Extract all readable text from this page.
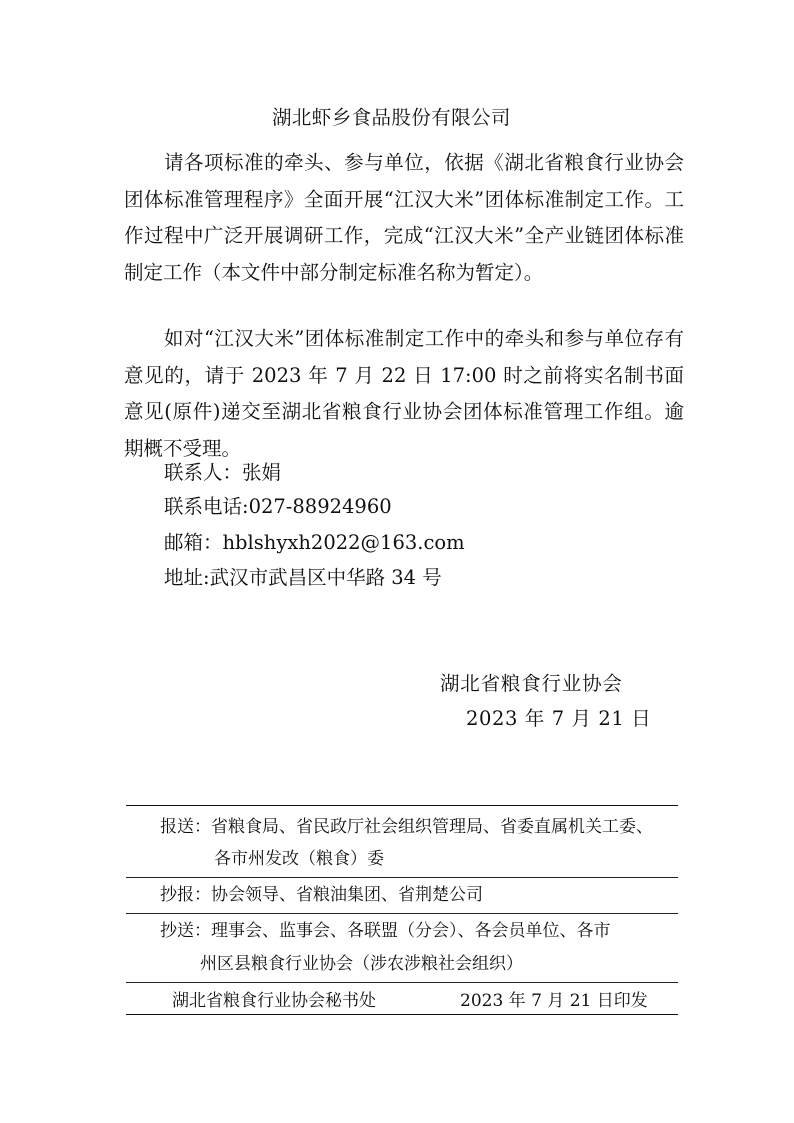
湖北虾乡食品股份有限公司
请各项标准的牵头、参与单位，依据《湖北省粮食行业协会团体标准管理程序》全面开展“江汉大米”团体标准制定工作。工作过程中广泛开展调研工作，完成“江汉大米”全产业链团体标准制定工作（本文件中部分制定标准名称为暂定）。
如对“江汉大米”团体标准制定工作中的牵头和参与单位存有意见的，请于 2023 年 7 月 22 日 17:00 时之前将实名制书面意见(原件)递交至湖北省粮食行业协会团体标准管理工作组。逾期概不受理。
联系人：张娟
联系电话:027-88924960
邮箱：hblshyxh2022@163.com
地址:武汉市武昌区中华路 34 号
湖北省粮食行业协会
2023 年 7 月 21 日
报送：省粮食局、省民政厅社会组织管理局、省委直属机关工委、
各市州发改（粮食）委
抄报：协会领导、省粮油集团、省荆楚公司
抄送：理事会、监事会、各联盟（分会）、各会员单位、各市
州区县粮食行业协会（涉农涉粮社会组织）
湖北省粮食行业协会秘书处	2023 年 7 月 21 日印发
